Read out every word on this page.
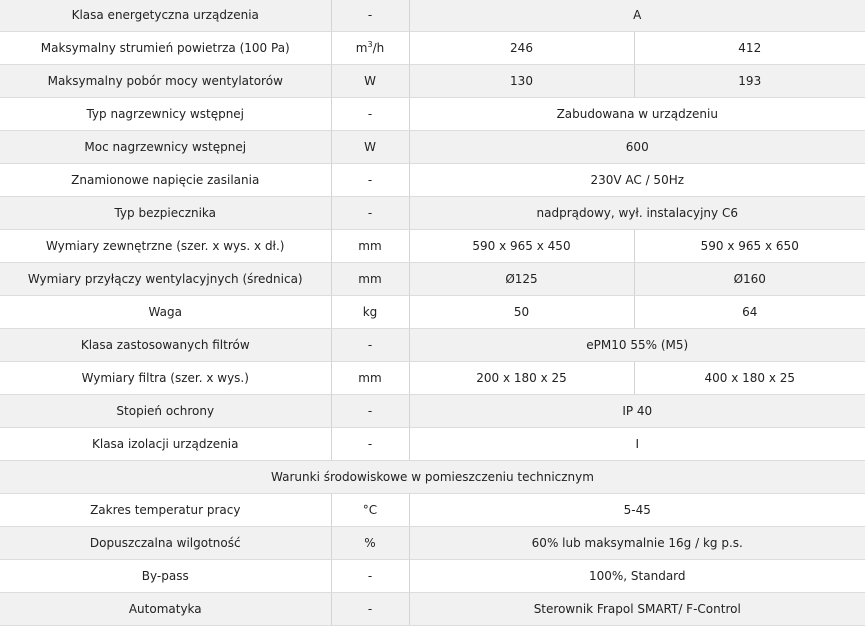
Klasa energetyczna urządzenia	-	A	
Maksymalny strumień powietrza (100 Pa)	$m^3/h$	246	412
Maksymalny pobór mocy wentylatorów	W	130	193
Typ nagrzewnicy wstępnej	-	Zabudowana w urządzeniu	
Moc nagrzewnicy wstępnej	W	600	
Znamionowe napięcie zasilania	-	230V AC / 50Hz	
Typ bezpiecznika	-	nadprądowy, wył. instalacyjny C6	
Wymiary zewnętrzne (szer. x wys. x dł.)	mm	590 x 965 x 450	590 x 965 x 650
Wymiary przyłączy wentylacyjnych (średnica)	mm	Ø125	Ø160
Waga	kg	50	64
Klasa zastosowanych filtrów	-	ePM10 55% (M5)	
Wymiary filtra (szer. x wys.)	mm	200 x 180 x 25	400 x 180 x 25
Stopień ochrony	-	IP 40	
Klasa izolacji urządzenia	-	I	
Warunki środowiskowe w pomieszczeniu technicznym			
Zakres temperatur pracy	°C	5-45	
Dopuszczalna wilgotność	%	60% lub maksymalnie 16g / kg p.s.	
By-pass	-	100%, Standard	
Automatyka	-	Sterownik Frapol SMART/ F-Control	
